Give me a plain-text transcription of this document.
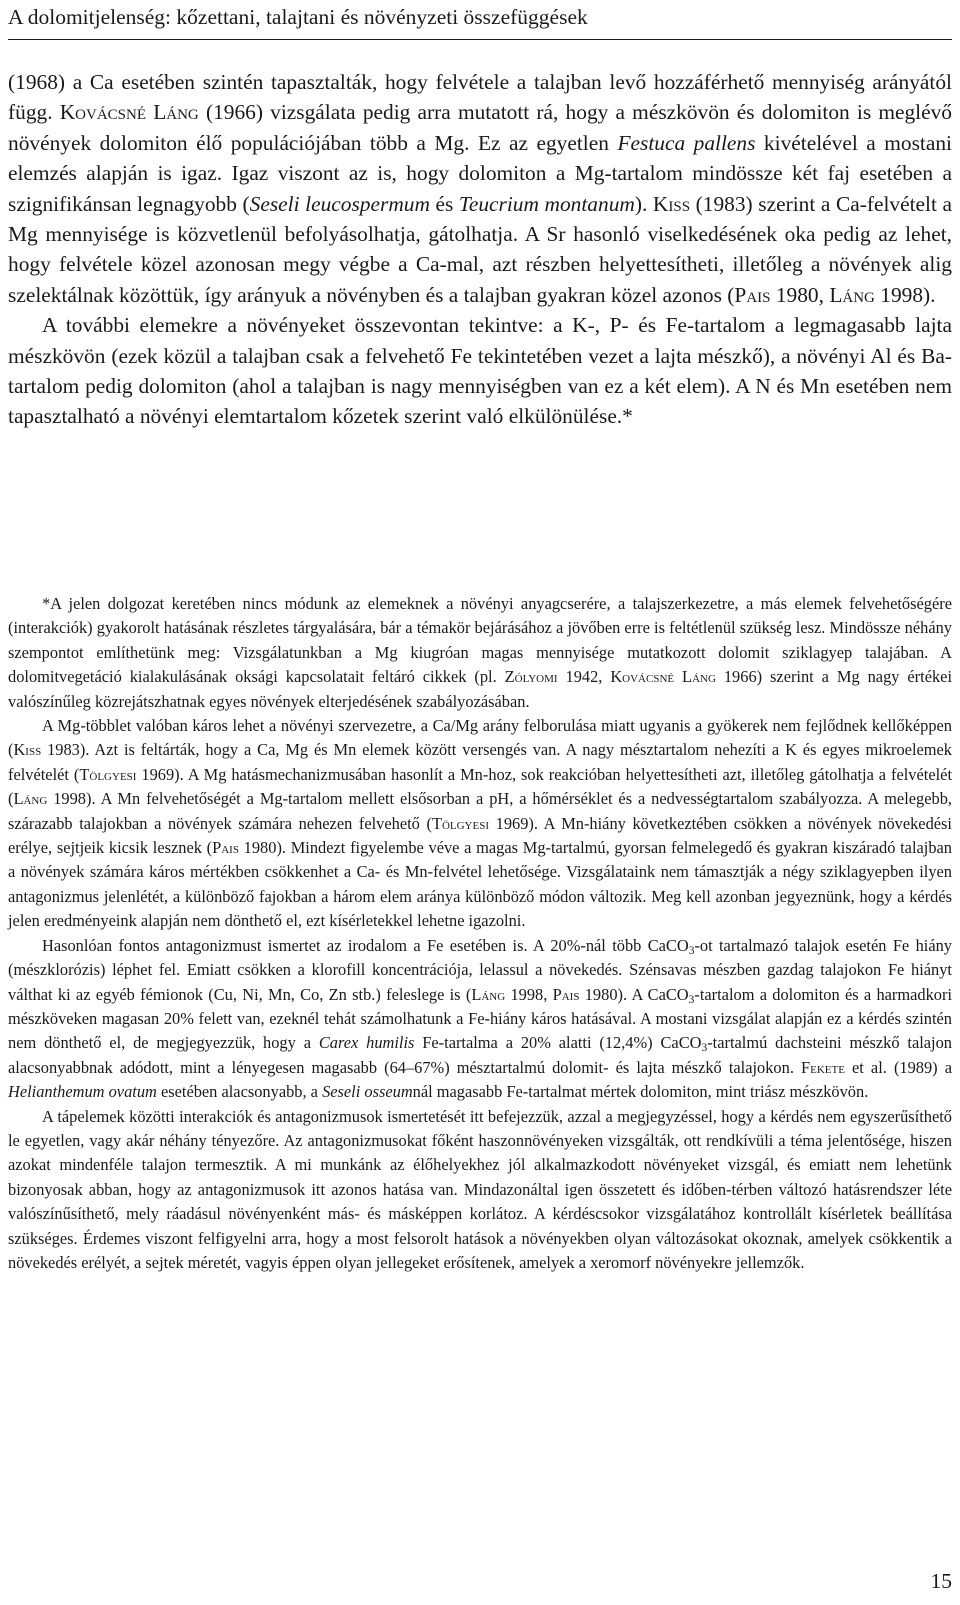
A dolomitjelenség: kőzettani, talajtani és növényzeti összefüggések

(1968) a Ca esetében szintén tapasztalták, hogy felvétele a talajban levő hozzáférhető mennyiség arányától függ. Kovácsné Láng (1966) vizsgálata pedig arra mutatott rá, hogy a mészkövön és dolomiton is meglévő növények dolomiton élő populációjában több a Mg. Ez az egyetlen Festuca pallens kivételével a mostani elemzés alapján is igaz. Igaz viszont az is, hogy dolomiton a Mg-tartalom mindössze két faj esetében a szignifikánsan legnagyobb (Seseli leucospermum és Teucrium montanum). Kiss (1983) szerint a Ca-felvételt a Mg mennyisége is közvetlenül befolyásolhatja, gátolhatja. A Sr hasonló viselkedésének oka pedig az lehet, hogy felvétele közel azonosan megy végbe a Ca-mal, azt részben helyettesítheti, illetőleg a növények alig szelektálnak közöttük, így arányuk a növényben és a talajban gyakran közel azonos (Pais 1980, Láng 1998).

A további elemekre a növényeket összevontan tekintve: a K-, P- és Fe-tartalom a legmagasabb lajta mészkövön (ezek közül a talajban csak a felvehető Fe tekintetében vezet a lajta mészkő), a növényi Al és Ba-tartalom pedig dolomiton (ahol a talajban is nagy mennyiségben van ez a két elem). A N és Mn esetében nem tapasztalható a növényi elemtartalom kőzetek szerint való elkülönülése.*

*A jelen dolgozat keretében nincs módunk az elemeknek a növényi anyagcserére, a talajszerkezetre, a más elemek felvehetőségére (interakciók) gyakorolt hatásának részletes tárgyalására, bár a témakör bejárásához a jövőben erre is feltétlenül szükség lesz. Mindössze néhány szempontot említhetünk meg: Vizsgálatunkban a Mg kiugróan magas mennyisége mutatkozott dolomit sziklagyep talajában. A dolomitvegetáció kialakulásának oksági kapcsolatait feltáró cikkek (pl. Zólyomi 1942, Kovácsné Láng 1966) szerint a Mg nagy értékei valószínűleg közrejátszhatnak egyes növények elterjedésének szabályozásában.

A Mg-többlet valóban káros lehet a növényi szervezetre, a Ca/Mg arány felborulása miatt ugyanis a gyökerek nem fejlődnek kellőképpen (Kiss 1983). Azt is feltárták, hogy a Ca, Mg és Mn elemek között versengés van. A nagy mésztartalom nehezíti a K és egyes mikroelemek felvételét (Tölgyesi 1969). A Mg hatásmechanizmusában hasonlít a Mn-hoz, sok reakcióban helyettesítheti azt, illetőleg gátolhatja a felvételét (Láng 1998). A Mn felvehetőségét a Mg-tartalom mellett elsősorban a pH, a hőmérséklet és a nedvességtartalom szabályozza. A melegebb, szárazabb talajokban a növények számára nehezen felvehető (Tölgyesi 1969). A Mn-hiány következtében csökken a növények növekedési erélye, sejtjeik kicsik lesznek (Pais 1980). Mindezt figyelembe véve a magas Mg-tartalmú, gyorsan felmelegedő és gyakran kiszáradó talajban a növények számára káros mértékben csökkenhet a Ca- és Mn-felvétel lehetősége. Vizsgálataink nem támasztják a négy sziklagyepben ilyen antagonizmus jelenlétét, a különböző fajokban a három elem aránya különböző módon változik. Meg kell azonban jegyeznünk, hogy a kérdés jelen eredményeink alapján nem dönthető el, ezt kísérletekkel lehetne igazolni.

Hasonlóan fontos antagonizmust ismertet az irodalom a Fe esetében is. A 20%-nál több CaCO$_3$-ot tartalmazó talajok esetén Fe hiány (mészklorózis) léphet fel. Emiatt csökken a klorofill koncentrációja, lelassul a növekedés. Szénsavas mészben gazdag talajokon Fe hiányt válthat ki az egyéb fémionok (Cu, Ni, Mn, Co, Zn stb.) feleslege is (Láng 1998, Pais 1980). A CaCO$_3$-tartalom a dolomiton és a harmadkori mészköveken magasan 20% felett van, ezeknél tehát számolhatunk a Fe-hiány káros hatásával. A mostani vizsgálat alapján ez a kérdés szintén nem dönthető el, de megjegyezzük, hogy a Carex humilis Fe-tartalma a 20% alatti (12,4%) CaCO$_3$-tartalmú dachsteini mészkő talajon alacsonyabbnak adódott, mint a lényegesen magasabb (64–67%) mésztartalmú dolomit- és lajta mészkő talajokon. Fekete et al. (1989) a Helianthemum ovatum esetében alacsonyabb, a Seseli osseumnál magasabb Fe-tartalmat mértek dolomiton, mint triász mészkövön.

A tápelemek közötti interakciók és antagonizmusok ismertetését itt befejezzük, azzal a megjegyzéssel, hogy a kérdés nem egyszerűsíthető le egyetlen, vagy akár néhány tényezőre. Az antagonizmusokat főként haszonnövényeken vizsgálták, ott rendkívüli a téma jelentősége, hiszen azokat mindenféle talajon termesztik. A mi munkánk az élőhelyekhez jól alkalmazkodott növényeket vizsgál, és emiatt nem lehetünk bizonyosak abban, hogy az antagonizmusok itt azonos hatása van. Mindazonáltal igen összetett és időben-térben változó hatásrendszer léte valószínűsíthető, mely ráadásul növényenként más- és másképpen korlátoz. A kérdéscsokor vizsgálatához kontrollált kísérletek beállítása szükséges. Érdemes viszont felfigyelni arra, hogy a most felsorolt hatások a növényekben olyan változásokat okoznak, amelyek csökkentik a növekedés erélyét, a sejtek méretét, vagyis éppen olyan jellegeket erősítenek, amelyek a xeromorf növényekre jellemzők.

15
